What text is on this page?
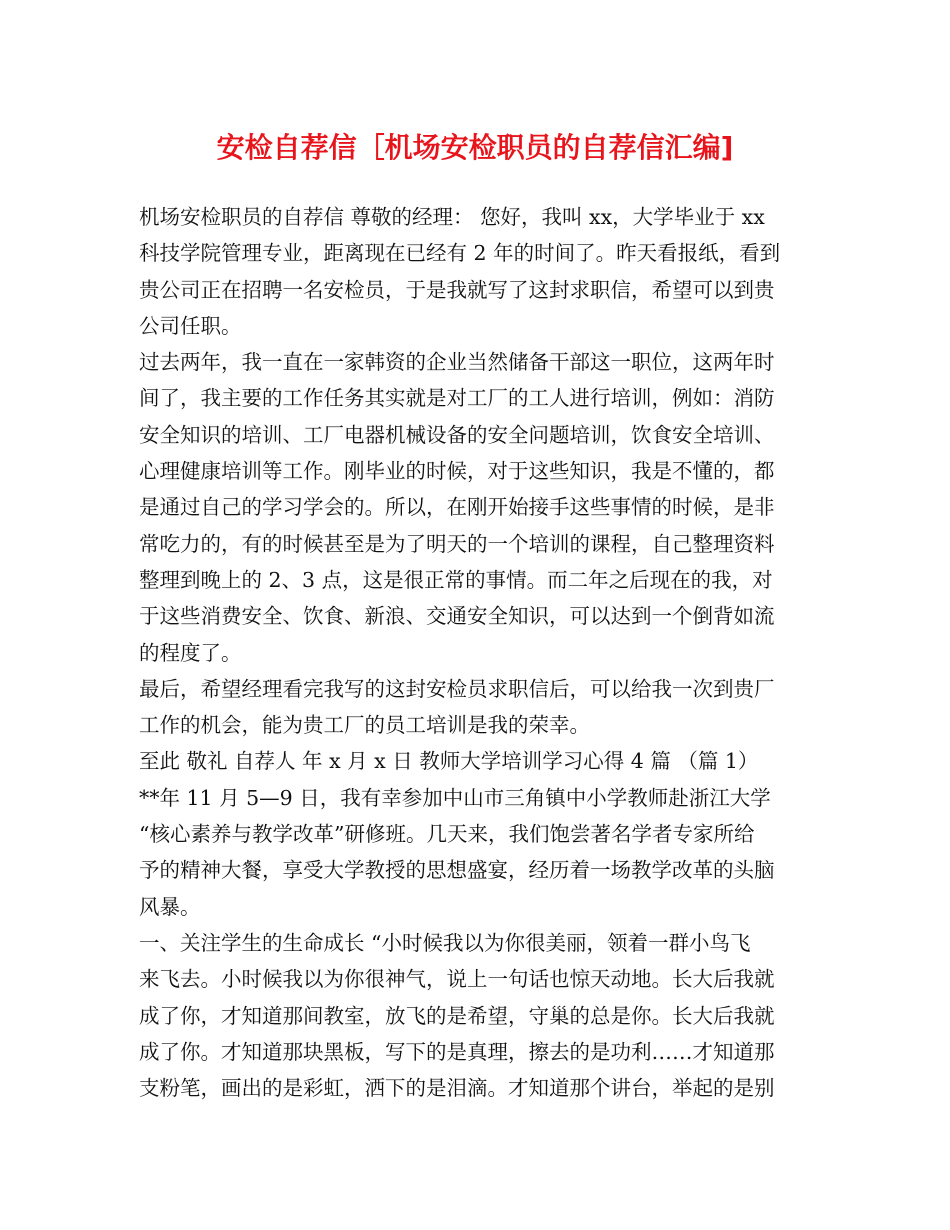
安检自荐信［机场安检职员的自荐信汇编]
机场安检职员的自荐信 尊敬的经理： 您好，我叫 xx，大学毕业于 xx
科技学院管理专业，距离现在已经有 2 年的时间了。昨天看报纸，看到
贵公司正在招聘一名安检员，于是我就写了这封求职信，希望可以到贵
公司任职。
过去两年，我一直在一家韩资的企业当然储备干部这一职位，这两年时
间了，我主要的工作任务其实就是对工厂的工人进行培训，例如：消防
安全知识的培训、工厂电器机械设备的安全问题培训，饮食安全培训、
心理健康培训等工作。刚毕业的时候，对于这些知识，我是不懂的，都
是通过自己的学习学会的。所以，在刚开始接手这些事情的时候，是非
常吃力的，有的时候甚至是为了明天的一个培训的课程，自己整理资料
整理到晚上的 2、3 点，这是很正常的事情。而二年之后现在的我，对
于这些消费安全、饮食、新浪、交通安全知识，可以达到一个倒背如流
的程度了。
最后，希望经理看完我写的这封安检员求职信后，可以给我一次到贵厂
工作的机会，能为贵工厂的员工培训是我的荣幸。
至此 敬礼 自荐人 年 x 月 x 日 教师大学培训学习心得 4 篇 （篇 1）
**年 11 月 5—9 日，我有幸参加中山市三角镇中小学教师赴浙江大学
“核心素养与教学改革”研修班。几天来，我们饱尝著名学者专家所给
予的精神大餐，享受大学教授的思想盛宴，经历着一场教学改革的头脑
风暴。
一、关注学生的生命成长 “小时候我以为你很美丽，领着一群小鸟飞
来飞去。小时候我以为你很神气，说上一句话也惊天动地。长大后我就
成了你，才知道那间教室，放飞的是希望，守巢的总是你。长大后我就
成了你。才知道那块黑板，写下的是真理，擦去的是功利……才知道那
支粉笔，画出的是彩虹，洒下的是泪滴。才知道那个讲台，举起的是别
